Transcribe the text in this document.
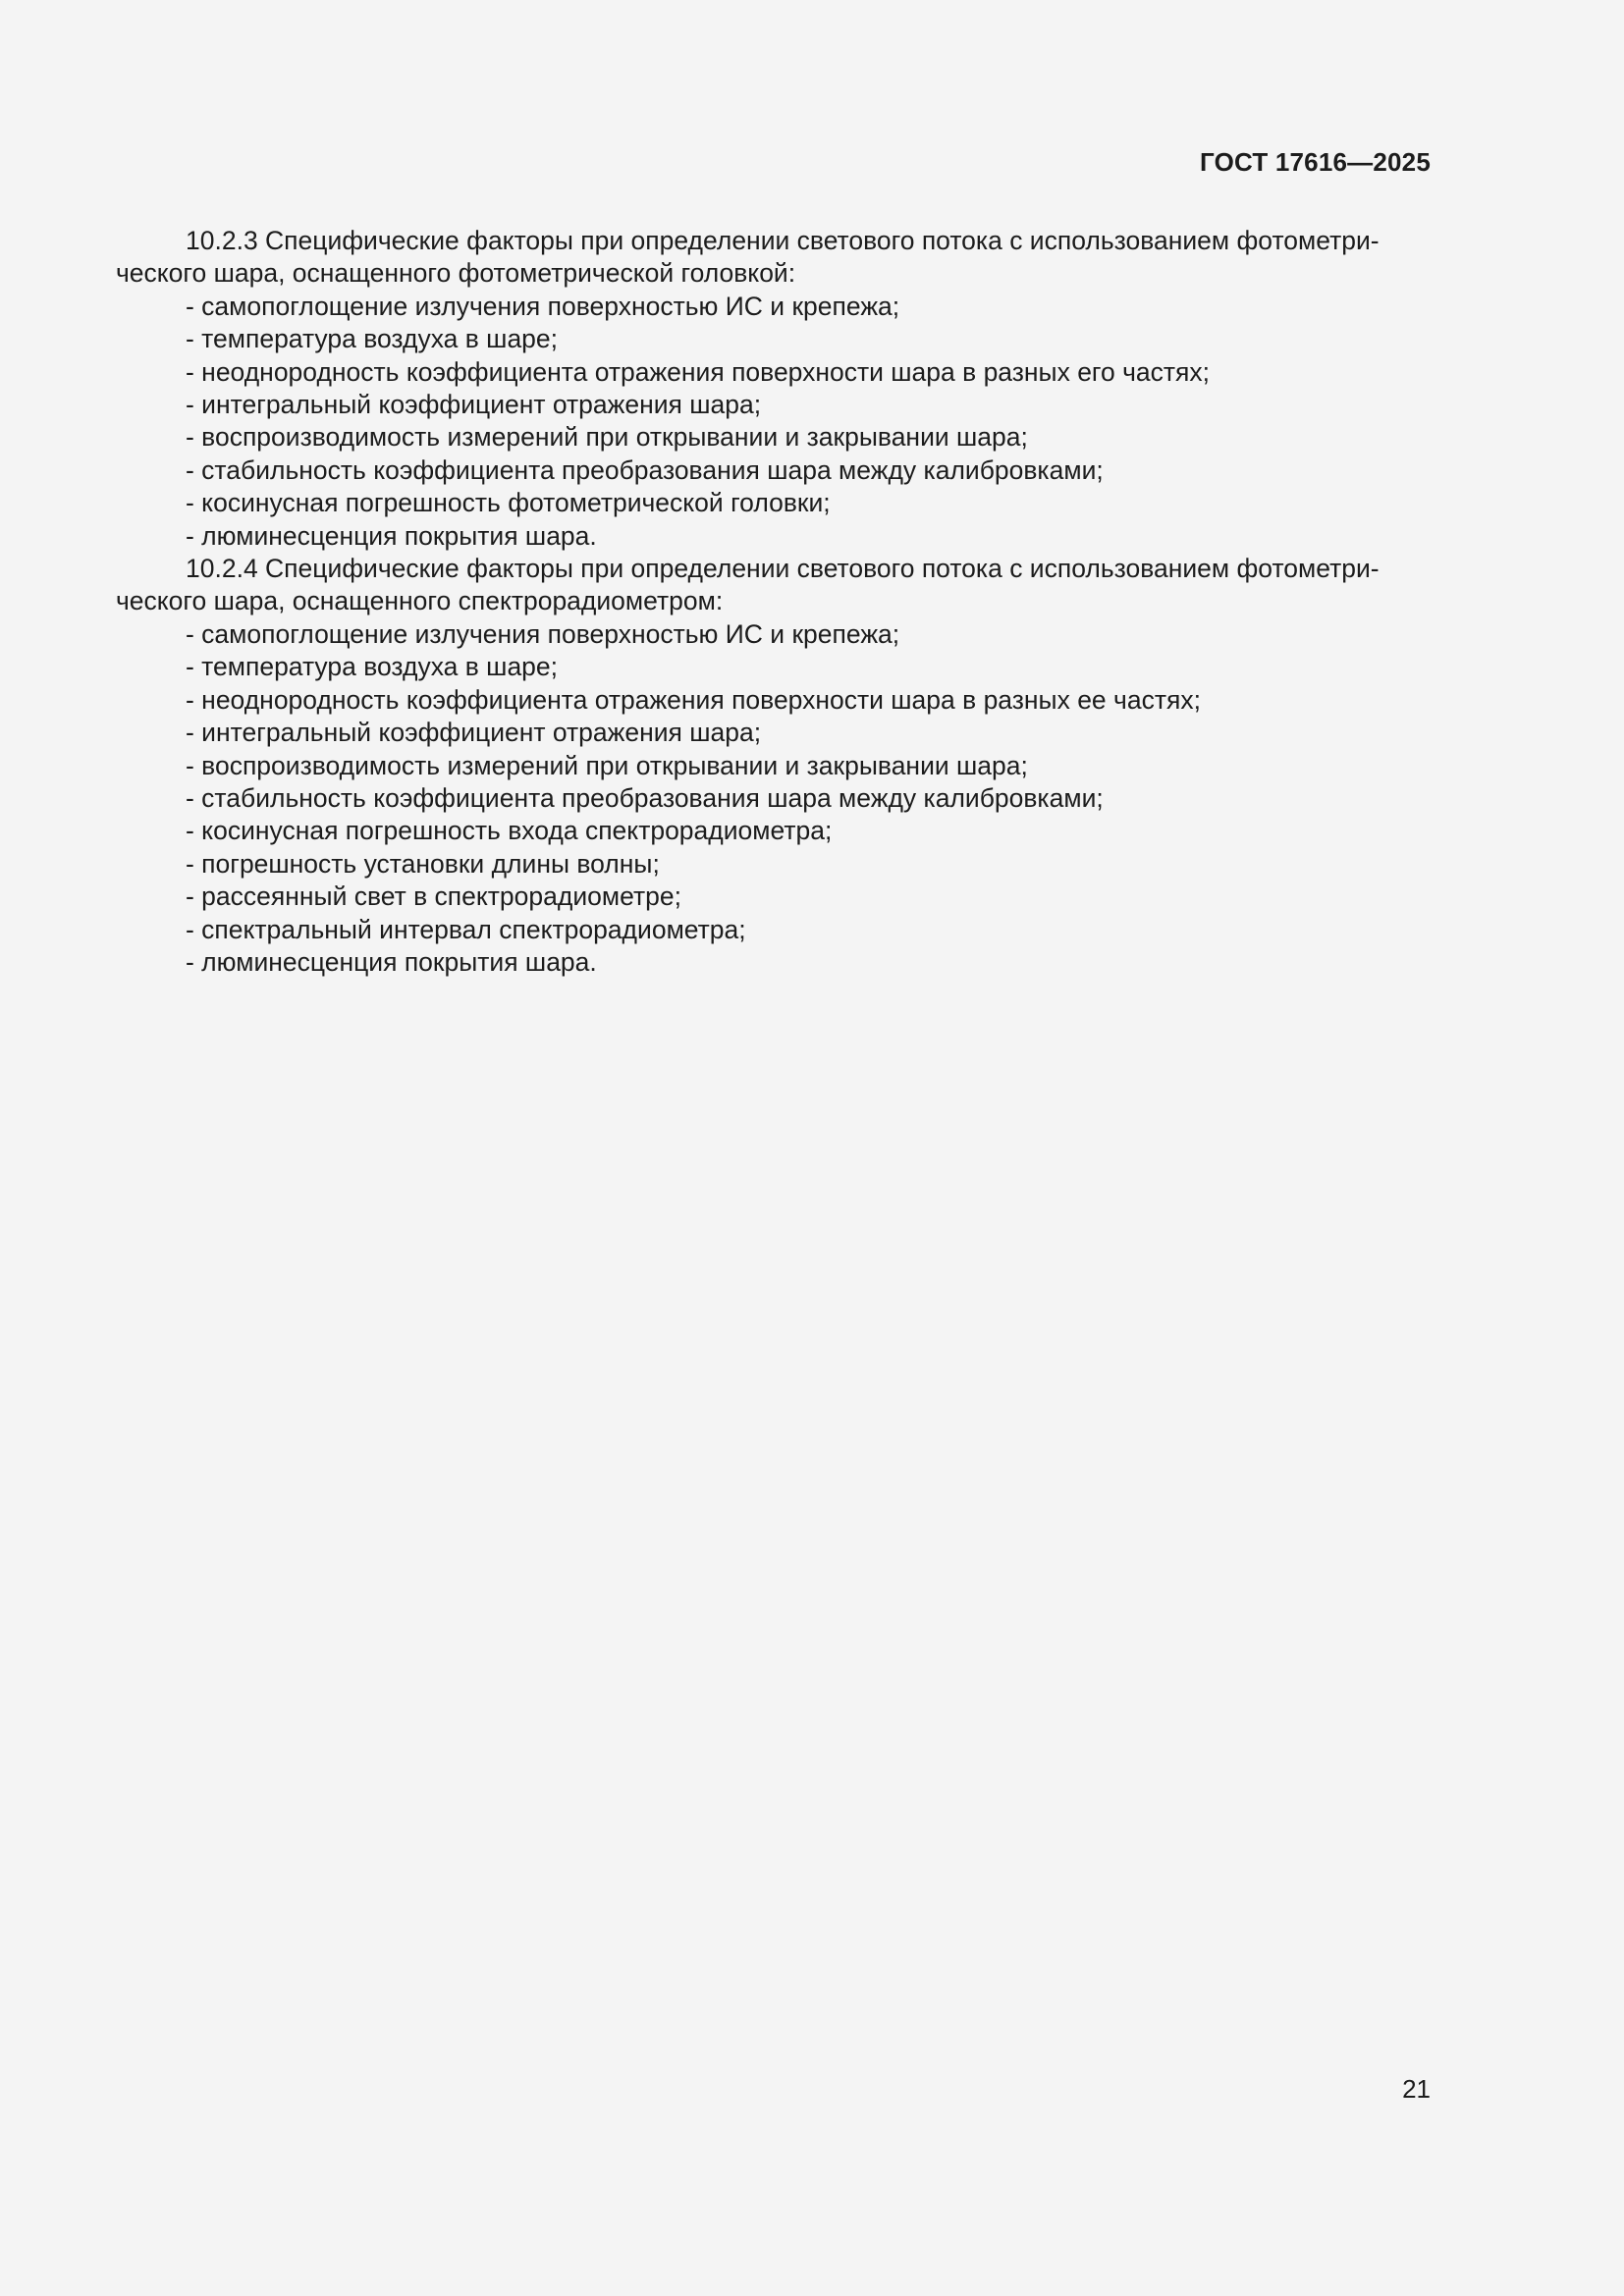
ГОСТ 17616—2025
10.2.3 Специфические факторы при определении светового потока с использованием фотометри-
ческого шара, оснащенного фотометрической головкой:
- самопоглощение излучения поверхностью ИС и крепежа;
- температура воздуха в шаре;
- неоднородность коэффициента отражения поверхности шара в разных его частях;
- интегральный коэффициент отражения шара;
- воспроизводимость измерений при открывании и закрывании шара;
- стабильность коэффициента преобразования шара между калибровками;
- косинусная погрешность фотометрической головки;
- люминесценция покрытия шара.
10.2.4 Специфические факторы при определении светового потока с использованием фотометри-
ческого шара, оснащенного спектрорадиометром:
- самопоглощение излучения поверхностью ИС и крепежа;
- температура воздуха в шаре;
- неоднородность коэффициента отражения поверхности шара в разных ее частях;
- интегральный коэффициент отражения шара;
- воспроизводимость измерений при открывании и закрывании шара;
- стабильность коэффициента преобразования шара между калибровками;
- косинусная погрешность входа спектрорадиометра;
- погрешность установки длины волны;
- рассеянный свет в спектрорадиометре;
- спектральный интервал спектрорадиометра;
- люминесценция покрытия шара.
21
